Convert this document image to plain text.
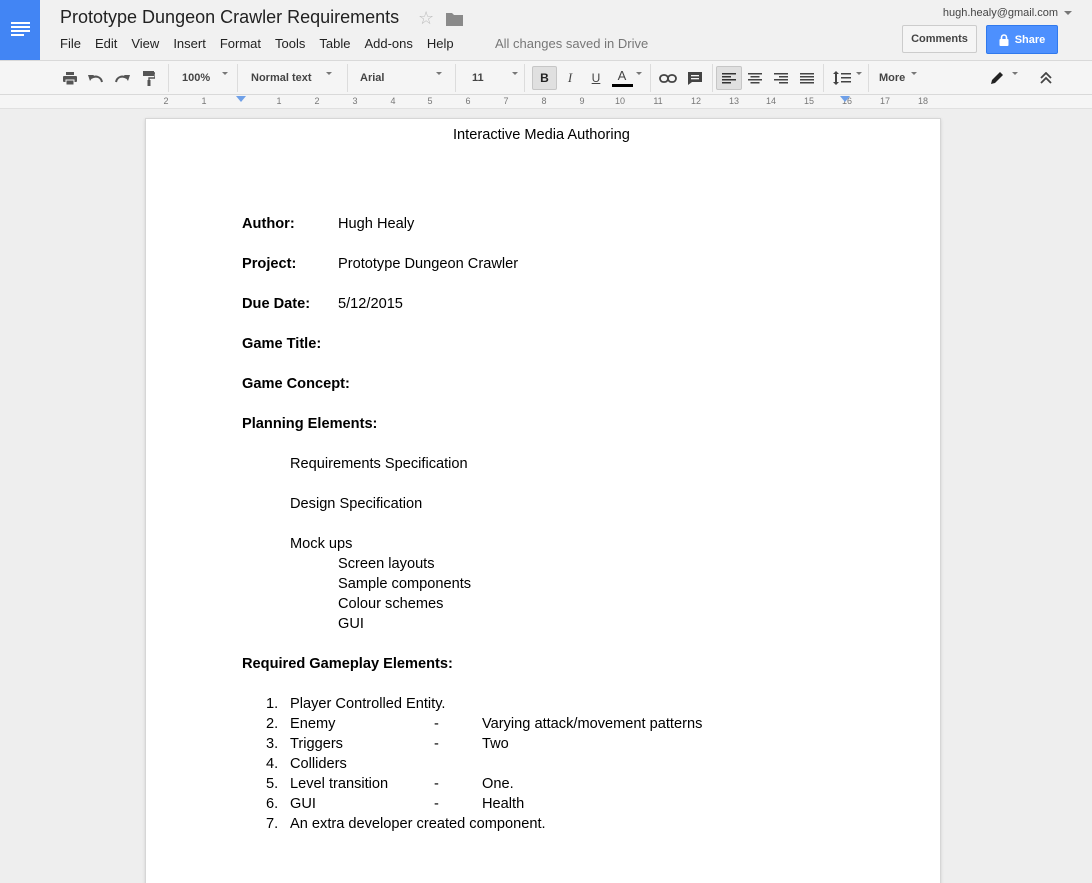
Prototype Dungeon Crawler Requirements ☆
File	Edit	View	Insert	Format	Tools	Table	Add-ons	Help	All changes saved in Drive
hugh.healy@gmail.com
Comments	Share
100%	Normal text	Arial	11	B	I	U	A	More
2	1	1	2	3	4	5	6	7	8	9	10	11	12	13	14	15	16	17	18
Interactive Media Authoring
Author:	Hugh Healy
Project:	Prototype Dungeon Crawler
Due Date: 5/12/2015
Game Title:
Game Concept:
Planning Elements:
Requirements Specification
Design Specification
Mock ups
Screen layouts
Sample components
Colour schemes
GUI
Required Gameplay Elements:
1. Player Controlled Entity.
2. Enemy	-	Varying attack/movement patterns
3. Triggers	-	Two
4. Colliders
5. Level transition	-	One.
6. GUI	-	Health
7. An extra developer created component.
